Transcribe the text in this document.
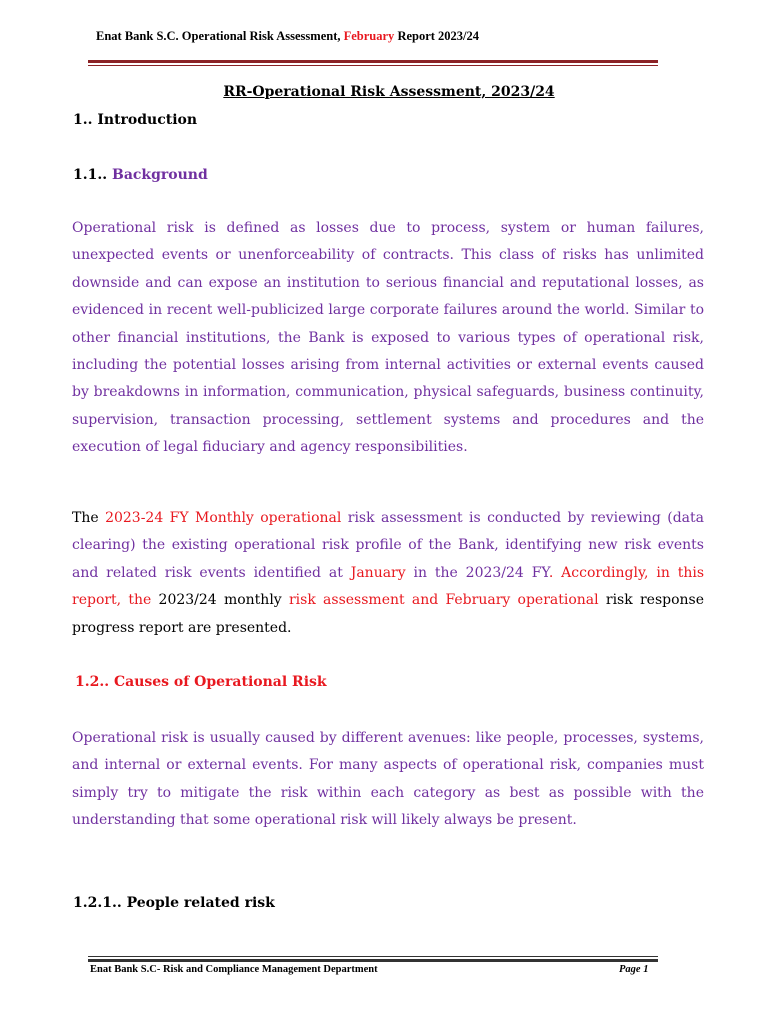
Enat Bank S.C. Operational Risk Assessment, February Report 2023/24
RR-Operational Risk Assessment, 2023/24
1.. Introduction
1.1.. Background
Operational risk is defined as losses due to process, system or human failures, unexpected events or unenforceability of contracts. This class of risks has unlimited downside and can expose an institution to serious financial and reputational losses, as evidenced in recent well-publicized large corporate failures around the world. Similar to other financial institutions, the Bank is exposed to various types of operational risk, including the potential losses arising from internal activities or external events caused by breakdowns in information, communication, physical safeguards, business continuity, supervision, transaction processing, settlement systems and procedures and the execution of legal fiduciary and agency responsibilities.
The 2023-24 FY Monthly operational risk assessment is conducted by reviewing (data clearing) the existing operational risk profile of the Bank, identifying new risk events and related risk events identified at January in the 2023/24 FY. Accordingly, in this report, the 2023/24 monthly risk assessment and February operational risk response progress report are presented.
1.2.. Causes of Operational Risk
Operational risk is usually caused by different avenues: like people, processes, systems, and internal or external events. For many aspects of operational risk, companies must simply try to mitigate the risk within each category as best as possible with the understanding that some operational risk will likely always be present.
1.2.1.. People related risk
Enat Bank S.C- Risk and Compliance Management Department	Page 1
